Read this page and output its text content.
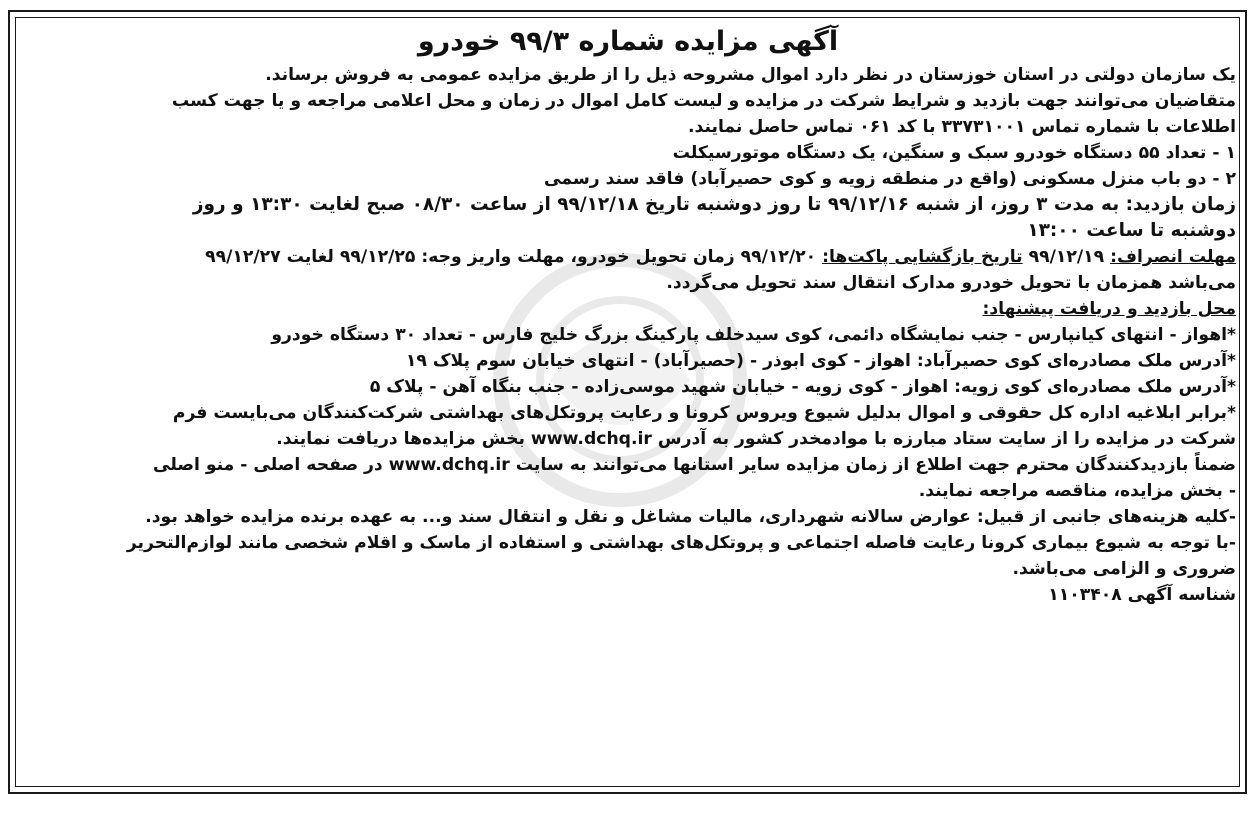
آگهی مزایده شماره ۹۹/۳ خودرو
یک سازمان دولتی در استان خوزستان در نظر دارد اموال مشروحه ذیل را از طریق مزایده عمومی به فروش برساند.
متقاضیان می‌توانند جهت بازدید و شرایط شرکت در مزایده و لیست کامل اموال در زمان و محل اعلامی مراجعه و یا جهت کسب
اطلاعات با شماره تماس ۳۳۷۳۱۰۰۱ با کد ۰۶۱ تماس حاصل نمایند.
۱ - تعداد ۵۵ دستگاه خودرو سبک و سنگین، یک دستگاه موتورسیکلت
۲ - دو باب منزل مسکونی (واقع در منطقه زویه و کوی حصیرآباد) فاقد سند رسمی
زمان بازدید: به مدت ۳ روز، از شنبه ۹۹/۱۲/۱۶ تا روز دوشنبه تاریخ ۹۹/۱۲/۱۸ از ساعت ۰۸/۳۰ صبح لغایت ۱۳:۳۰ و روز
دوشنبه تا ساعت ۱۳:۰۰
مهلت انصراف: ۹۹/۱۲/۱۹ تاریخ بازگشایی پاکت‌ها: ۹۹/۱۲/۲۰ زمان تحویل خودرو، مهلت واریز وجه: ۹۹/۱۲/۲۵ لغایت ۹۹/۱۲/۲۷
می‌باشد همزمان با تحویل خودرو مدارک انتقال سند تحویل می‌گردد.
محل بازدید و دریافت پیشنهاد:
*اهواز - انتهای کیانپارس - جنب نمایشگاه دائمی، کوی سیدخلف پارکینگ بزرگ خلیج فارس - تعداد ۳۰ دستگاه خودرو
*آدرس ملک مصادره‌ای کوی حصیرآباد: اهواز - کوی ابوذر - (حصیرآباد) - انتهای خیابان سوم پلاک ۱۹
*آدرس ملک مصادره‌ای کوی زویه: اهواز - کوی زویه - خیابان شهید موسی‌زاده - جنب بنگاه آهن - پلاک ۵
*برابر ابلاغیه اداره کل حقوقی و اموال بدلیل شیوع ویروس کرونا و رعایت پروتکل‌های بهداشتی شرکت‌کنندگان می‌بایست فرم
شرکت در مزایده را از سایت ستاد مبارزه با موادمخدر کشور به آدرس www.dchq.ir بخش مزایده‌ها دریافت نمایند.
ضمناً بازدیدکنندگان محترم جهت اطلاع از زمان مزایده سایر استانها می‌توانند به سایت www.dchq.ir در صفحه اصلی - منو اصلی
- بخش مزایده، مناقصه مراجعه نمایند.
-کلیه هزینه‌های جانبی از قبیل: عوارض سالانه شهرداری، مالیات مشاغل و نقل و انتقال سند و... به عهده برنده مزایده خواهد بود.
-با توجه به شیوع بیماری کرونا رعایت فاصله اجتماعی و پروتکل‌های بهداشتی و استفاده از ماسک و اقلام شخصی مانند لوازم‌التحریر
ضروری و الزامی می‌باشد.
شناسه آگهی ۱۱۰۳۴۰۸
